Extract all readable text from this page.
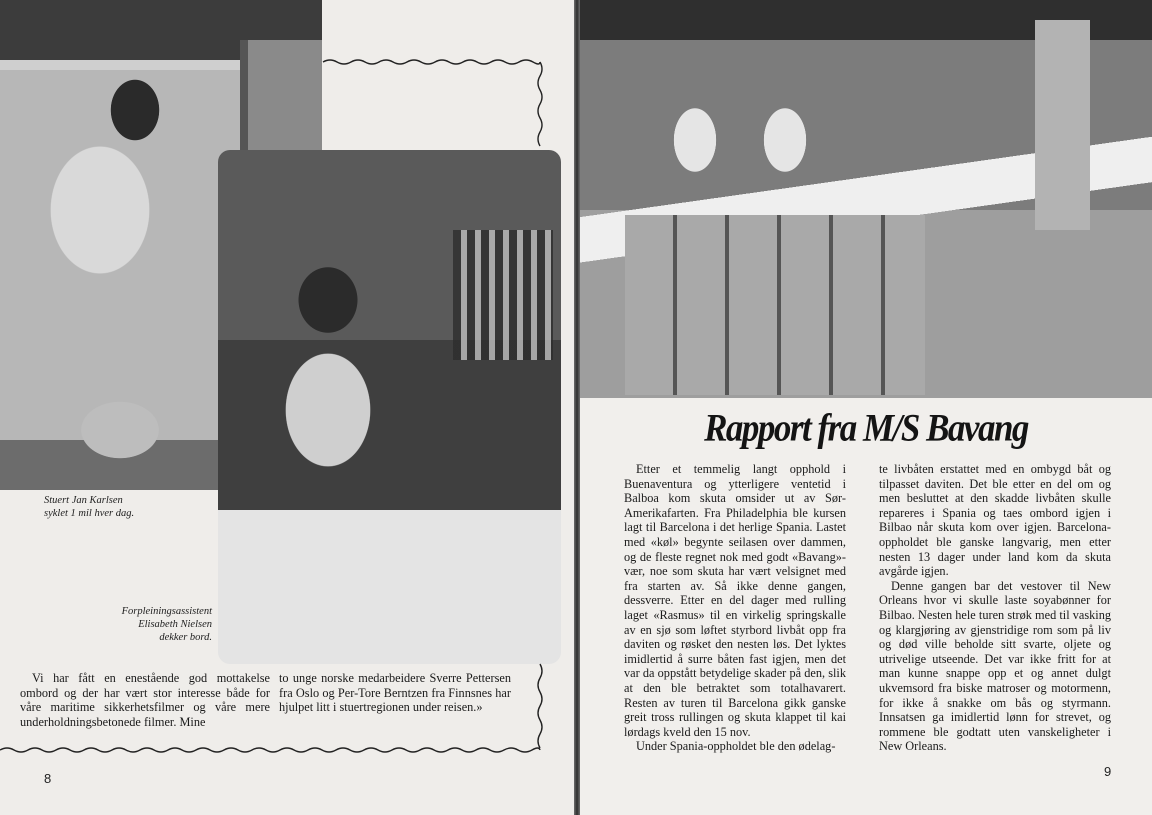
Stuert Jan Karlsen
syklet 1 mil hver dag.
Forpleiningsassistent
Elisabeth Nielsen
dekker bord.

Vi har fått en enestående god mottakelse ombord og der har vært stor interesse både for våre maritime sikkerhetsfilmer og våre mere underholdningsbetonede filmer. Mine

to unge norske medarbeidere Sverre Pettersen fra Oslo og Per-Tore Berntzen fra Finnsnes har hjulpet litt i stuertregionen under reisen.»

8
Rapport fra M/S Bavang

Etter et temmelig langt opphold i Buenaventura og ytterligere ventetid i Balboa kom skuta omsider ut av Sør-Amerikafarten. Fra Philadelphia ble kursen lagt til Barcelona i det herlige Spania. Lastet med «køl» begynte seilasen over dammen, og de fleste regnet nok med godt «Bavang»-vær, noe som skuta har vært velsignet med fra starten av. Så ikke denne gangen, dessverre. Etter en del dager med rulling laget «Rasmus» til en virkelig springskalle av en sjø som løftet styrbord livbåt opp fra daviten og røsket den nesten løs. Det lyktes imidlertid å surre båten fast igjen, men det var da oppstått betydelige skader på den, slik at den ble betraktet som totalhavarert. Resten av turen til Barcelona gikk ganske greit tross rullingen og skuta klappet til kai lørdags kveld den 15 nov.

Under Spania-oppholdet ble den ødelag-

te livbåten erstattet med en ombygd båt og tilpasset daviten. Det ble etter en del om og men besluttet at den skadde livbåten skulle repareres i Spania og taes ombord igjen i Bilbao når skuta kom over igjen. Barcelona-oppholdet ble ganske langvarig, men etter nesten 13 dager under land kom da skuta avgårde igjen.

Denne gangen bar det vestover til New Orleans hvor vi skulle laste soyabønner for Bilbao. Nesten hele turen strøk med til vasking og klargjøring av gjenstridige rom som på liv og død ville beholde sitt svarte, oljete og utrivelige utseende. Det var ikke fritt for at man kunne snappe opp et og annet dulgt ukvemsord fra biske matroser og motormenn, for ikke å snakke om bås og styrmann. Innsatsen ga imidlertid lønn for strevet, og rommene ble godtatt uten vanskeligheter i New Orleans.

9
